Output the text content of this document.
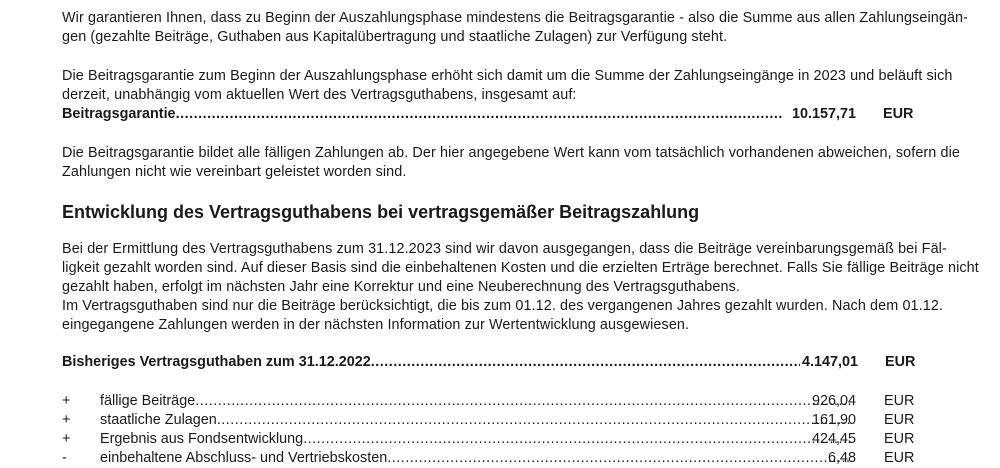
Wir garantieren Ihnen, dass zu Beginn der Auszahlungsphase mindestens die Beitragsgarantie - also die Summe aus allen Zahlungseingän-
gen (gezahlte Beiträge, Guthaben aus Kapitalübertragung und staatliche Zulagen) zur Verfügung steht.
Die Beitragsgarantie zum Beginn der Auszahlungsphase erhöht sich damit um die Summe der Zahlungseingänge in 2023 und beläuft sich
derzeit, unabhängig vom aktuellen Wert des Vertragsguthabens, insgesamt auf:
Beitragsgarantie .....	10.157,71 EUR
Die Beitragsgarantie bildet alle fälligen Zahlungen ab. Der hier angegebene Wert kann vom tatsächlich vorhandenen abweichen, sofern die
Zahlungen nicht wie vereinbart geleistet worden sind.
Entwicklung des Vertragsguthabens bei vertragsgemäßer Beitragszahlung
Bei der Ermittlung des Vertragsguthabens zum 31.12.2023 sind wir davon ausgegangen, dass die Beiträge vereinbarungsgemäß bei Fäl-
ligkeit gezahlt worden sind. Auf dieser Basis sind die einbehaltenen Kosten und die erzielten Erträge berechnet. Falls Sie fällige Beiträge nicht
gezahlt haben, erfolgt im nächsten Jahr eine Korrektur und eine Neuberechnung des Vertragsguthabens.
Im Vertragsguthaben sind nur die Beiträge berücksichtigt, die bis zum 01.12. des vergangenen Jahres gezahlt wurden. Nach dem 01.12.
eingegangene Zahlungen werden in der nächsten Information zur Wertentwicklung ausgewiesen.
Bisheriges Vertragsguthaben zum 31.12.2022 .....	4.147,01 EUR
+	fällige Beiträge .....	926,04 EUR
+	staatliche Zulagen .....	161,90 EUR
+	Ergebnis aus Fondsentwicklung .....	424,45 EUR
-	einbehaltene Abschluss- und Vertriebskosten .....	6,48 EUR
